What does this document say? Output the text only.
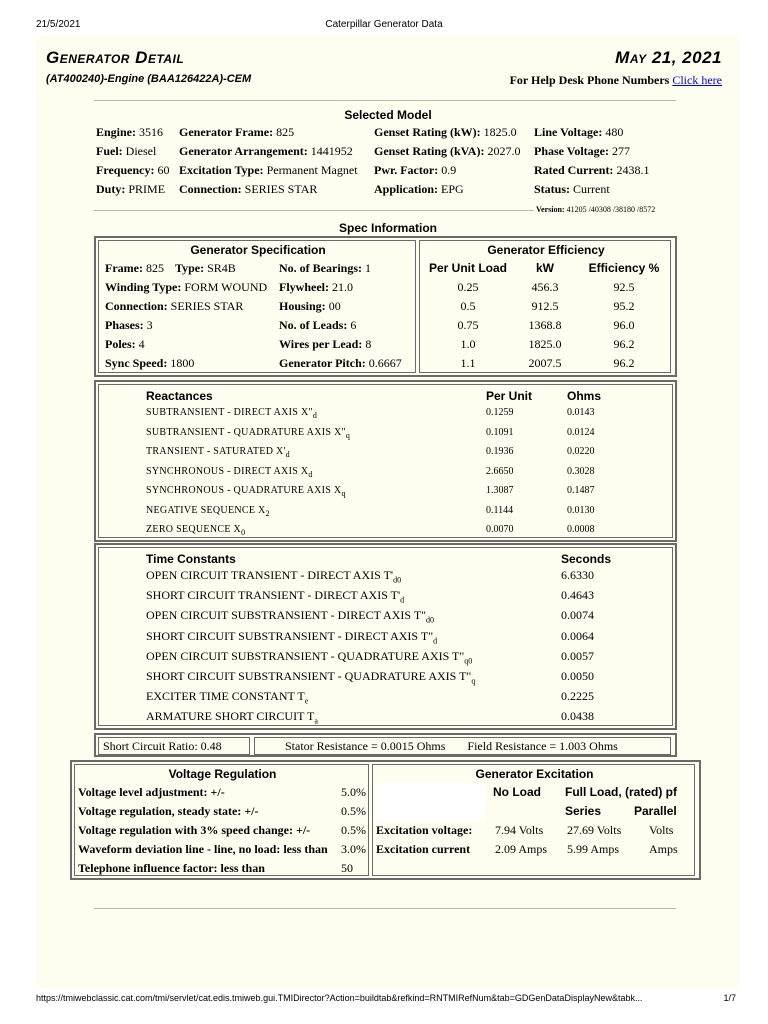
21/5/2021	Caterpillar Generator Data
Generator Detail	May 21, 2021
(AT400240)-Engine (BAA126422A)-CEM	For Help Desk Phone Numbers Click here
Selected Model
Engine: 3516
Fuel: Diesel
Frequency: 60
Duty: PRIME
Generator Frame: 825
Generator Arrangement: 1441952
Excitation Type: Permanent Magnet
Connection: SERIES STAR
Genset Rating (kW): 1825.0
Genset Rating (kVA): 2027.0
Pwr. Factor: 0.9
Application: EPG
Line Voltage: 480
Phase Voltage: 277
Rated Current: 2438.1
Status: Current
Version: 41205 /40308 /38180 /8572
Spec Information
Generator Specification
Frame: 825 Type: SR4B	No. of Bearings: 1
Winding Type: FORM WOUND Flywheel: 21.0
Connection: SERIES STAR	Housing: 00
Phases: 3	No. of Leads: 6
Poles: 4	Wires per Lead: 8
Sync Speed: 1800	Generator Pitch: 0.6667
Generator Efficiency
Per Unit Load	kW	Efficiency %
0.25	456.3	92.5
0.5	912.5	95.2
0.75	1368.8	96.0
1.0	1825.0	96.2
1.1	2007.5	96.2
Reactances	Per Unit	Ohms
SUBTRANSIENT - DIRECT AXIS $X"_d$	0.1259	0.0143
SUBTRANSIENT - QUADRATURE AXIS $X"_q$	0.1091	0.0124
TRANSIENT - SATURATED $X'_d$	0.1936	0.0220
SYNCHRONOUS - DIRECT AXIS $X_d$	2.6650	0.3028
SYNCHRONOUS - QUADRATURE AXIS $X_q$	1.3087	0.1487
NEGATIVE SEQUENCE $X_2$	0.1144	0.0130
ZERO SEQUENCE $X_0$	0.0070	0.0008
Time Constants	Seconds
OPEN CIRCUIT TRANSIENT - DIRECT AXIS $T'_{d0}$	6.6330
SHORT CIRCUIT TRANSIENT - DIRECT AXIS $T'_d$	0.4643
OPEN CIRCUIT SUBSTRANSIENT - DIRECT AXIS $T"_{d0}$	0.0074
SHORT CIRCUIT SUBSTRANSIENT - DIRECT AXIS $T"_d$	0.0064
OPEN CIRCUIT SUBSTRANSIENT - QUADRATURE AXIS $T"_{q0}$	0.0057
SHORT CIRCUIT SUBSTRANSIENT - QUADRATURE AXIS $T"_q$	0.0050
EXCITER TIME CONSTANT $T_e$	0.2225
ARMATURE SHORT CIRCUIT $T_a$	0.0438
Short Circuit Ratio: 0.48	Stator Resistance = 0.0015 Ohms Field Resistance = 1.003 Ohms
Voltage Regulation
Voltage level adjustment: +/-	5.0%
Voltage regulation, steady state: +/-	0.5%
Voltage regulation with 3% speed change: +/-	0.5%
Waveform deviation line - line, no load: less than 3.0%
Telephone influence factor: less than	50
Generator Excitation
No Load Full Load, (rated) pf
Series	Parallel
Excitation voltage: 7.94 Volts 27.69 Volts Volts
Excitation current 2.09 Amps 5.99 Amps Amps
https://tmiwebclassic.cat.com/tmi/servlet/cat.edis.tmiweb.gui.TMIDirector?Action=buildtab&refkind=RNTMIRefNum&tab=GDGenDataDisplayNew&tabk...	1/7
